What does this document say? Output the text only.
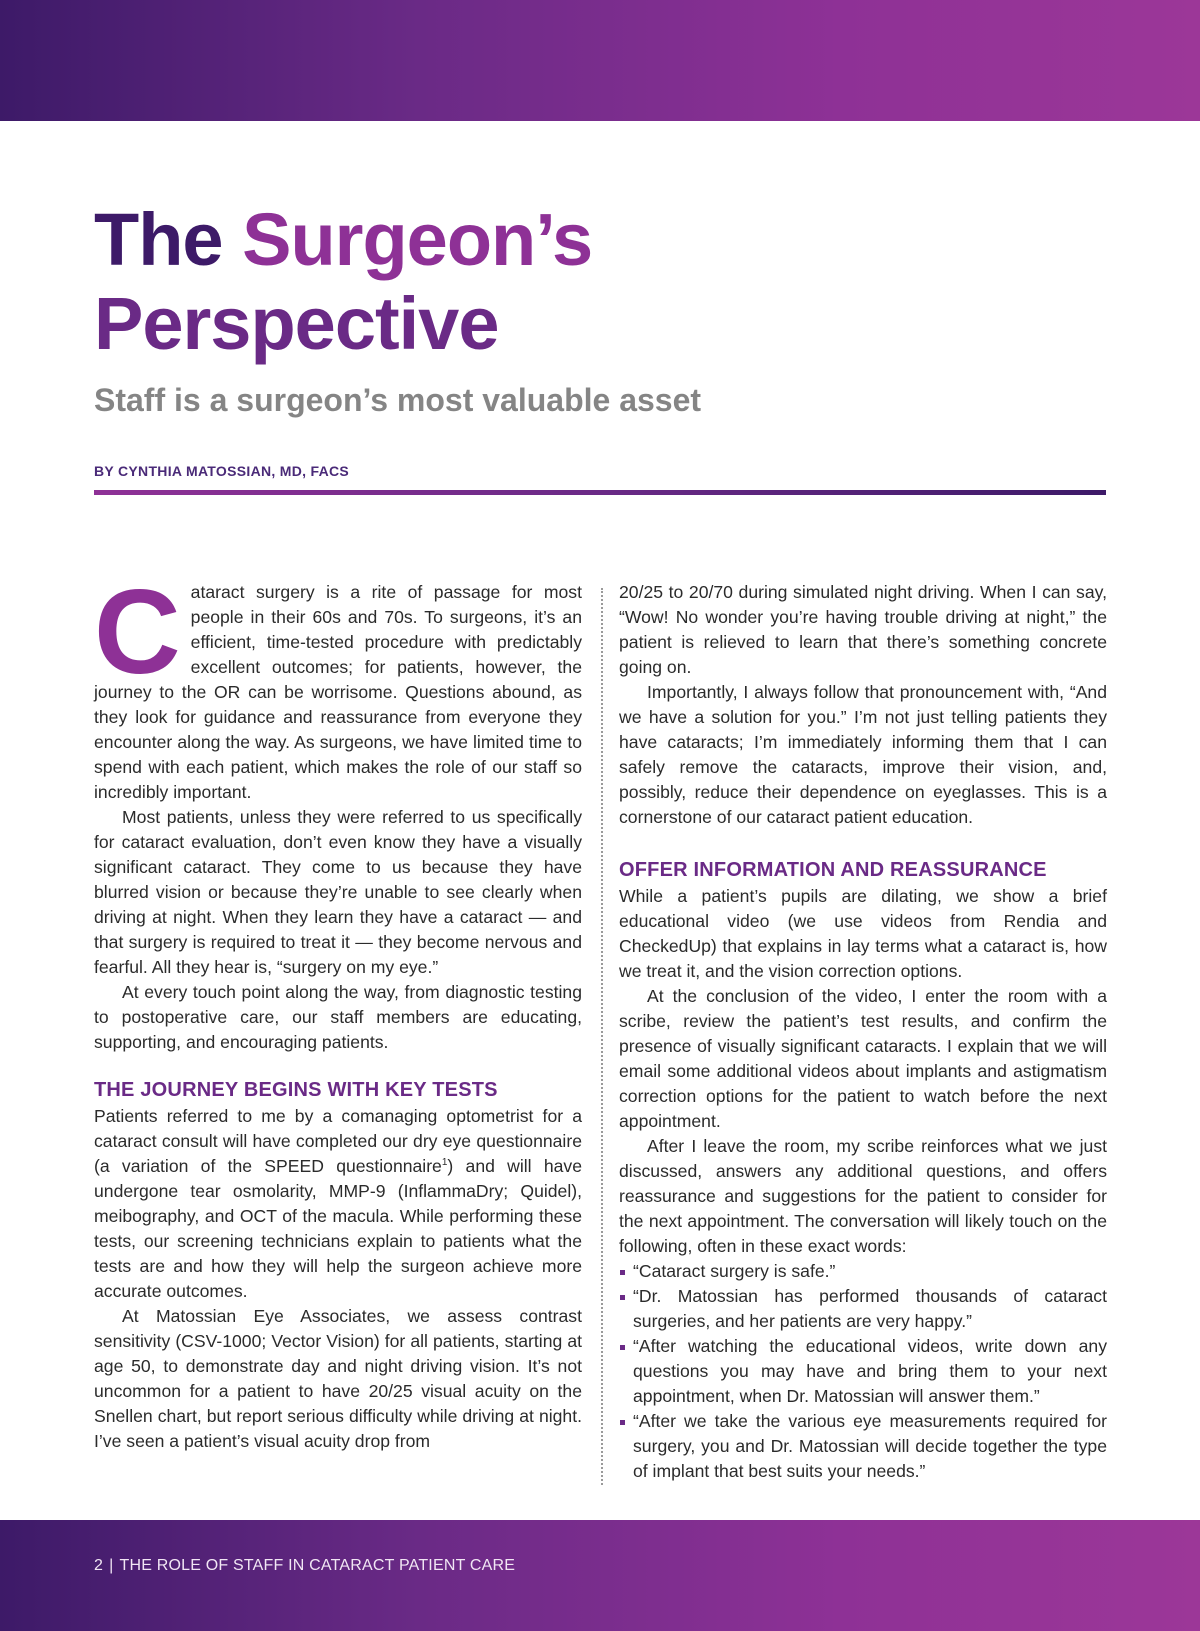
The Surgeon’s
Perspective
Staff is a surgeon’s most valuable asset
BY CYNTHIA MATOSSIAN, MD, FACS

Cataract surgery is a rite of passage for most people in their 60s and 70s. To surgeons, it’s an efficient, time-tested procedure with predictably excellent outcomes; for patients, however, the journey to the OR can be worrisome. Questions abound, as they look for guidance and reassurance from everyone they encounter along the way. As surgeons, we have limited time to spend with each patient, which makes the role of our staff so incredibly important.

Most patients, unless they were referred to us specifically for cataract evaluation, don’t even know they have a visually significant cataract. They come to us because they have blurred vision or because they’re unable to see clearly when driving at night. When they learn they have a cataract — and that surgery is required to treat it — they become nervous and fearful. All they hear is, “surgery on my eye.”

At every touch point along the way, from diagnostic testing to postoperative care, our staff members are educating, supporting, and encouraging patients.

THE JOURNEY BEGINS WITH KEY TESTS

Patients referred to me by a comanaging optometrist for a cataract consult will have completed our dry eye questionnaire (a variation of the SPEED questionnaire$^1$) and will have undergone tear osmolarity, MMP-9 (InflammaDry; Quidel), meibography, and OCT of the macula. While performing these tests, our screening technicians explain to patients what the tests are and how they will help the surgeon achieve more accurate outcomes.

At Matossian Eye Associates, we assess contrast sensitivity (CSV-1000; Vector Vision) for all patients, starting at age 50, to demonstrate day and night driving vision. It’s not uncommon for a patient to have 20/25 visual acuity on the Snellen chart, but report serious difficulty while driving at night. I’ve seen a patient’s visual acuity drop from

20/25 to 20/70 during simulated night driving. When I can say, “Wow! No wonder you’re having trouble driving at night,” the patient is relieved to learn that there’s something concrete going on.

Importantly, I always follow that pronouncement with, “And we have a solution for you.” I’m not just telling patients they have cataracts; I’m immediately informing them that I can safely remove the cataracts, improve their vision, and, possibly, reduce their dependence on eyeglasses. This is a cornerstone of our cataract patient education.

OFFER INFORMATION AND REASSURANCE

While a patient’s pupils are dilating, we show a brief educational video (we use videos from Rendia and CheckedUp) that explains in lay terms what a cataract is, how we treat it, and the vision correction options.

At the conclusion of the video, I enter the room with a scribe, review the patient’s test results, and confirm the presence of visually significant cataracts. I explain that we will email some additional videos about implants and astigmatism correction options for the patient to watch before the next appointment.

After I leave the room, my scribe reinforces what we just discussed, answers any additional questions, and offers reassurance and suggestions for the patient to consider for the next appointment. The conversation will likely touch on the following, often in these exact words:

“Cataract surgery is safe.”
“Dr. Matossian has performed thousands of cataract surgeries, and her patients are very happy.”
“After watching the educational videos, write down any questions you may have and bring them to your next appointment, when Dr. Matossian will answer them.”
“After we take the various eye measurements required for surgery, you and Dr. Matossian will decide together the type of implant that best suits your needs.”
2 | THE ROLE OF STAFF IN CATARACT PATIENT CARE
